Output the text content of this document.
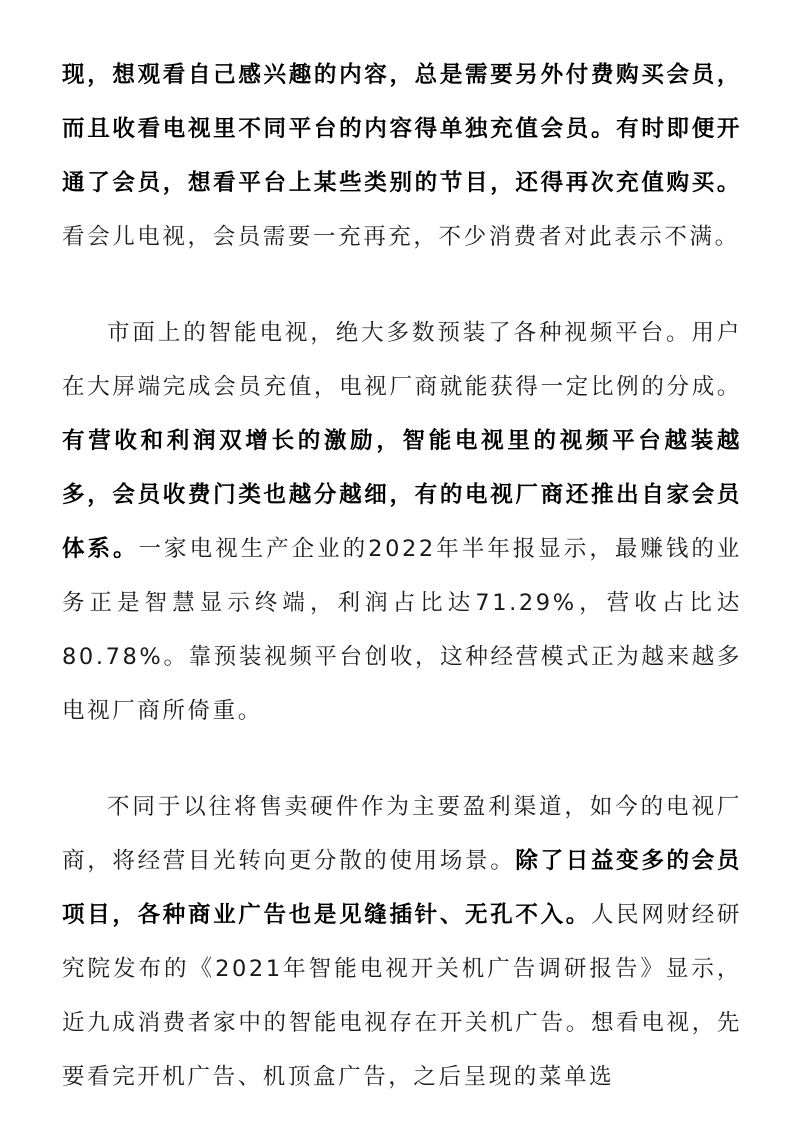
现，想观看自己感兴趣的内容，总是需要另外付费购买会员，而且收看电视里不同平台的内容得单独充值会员。有时即便开通了会员，想看平台上某些类别的节目，还得再次充值购买。看会儿电视，会员需要一充再充，不少消费者对此表示不满。

市面上的智能电视，绝大多数预装了各种视频平台。用户在大屏端完成会员充值，电视厂商就能获得一定比例的分成。有营收和利润双增长的激励，智能电视里的视频平台越装越多，会员收费门类也越分越细，有的电视厂商还推出自家会员体系。一家电视生产企业的2022年半年报显示，最赚钱的业务正是智慧显示终端，利润占比达71.29%，营收占比达80.78%。靠预装视频平台创收，这种经营模式正为越来越多电视厂商所倚重。

不同于以往将售卖硬件作为主要盈利渠道，如今的电视厂商，将经营目光转向更分散的使用场景。除了日益变多的会员项目，各种商业广告也是见缝插针、无孔不入。人民网财经研究院发布的《2021年智能电视开关机广告调研报告》显示，近九成消费者家中的智能电视存在开关机广告。想看电视，先要看完开机广告、机顶盒广告，之后呈现的菜单选
